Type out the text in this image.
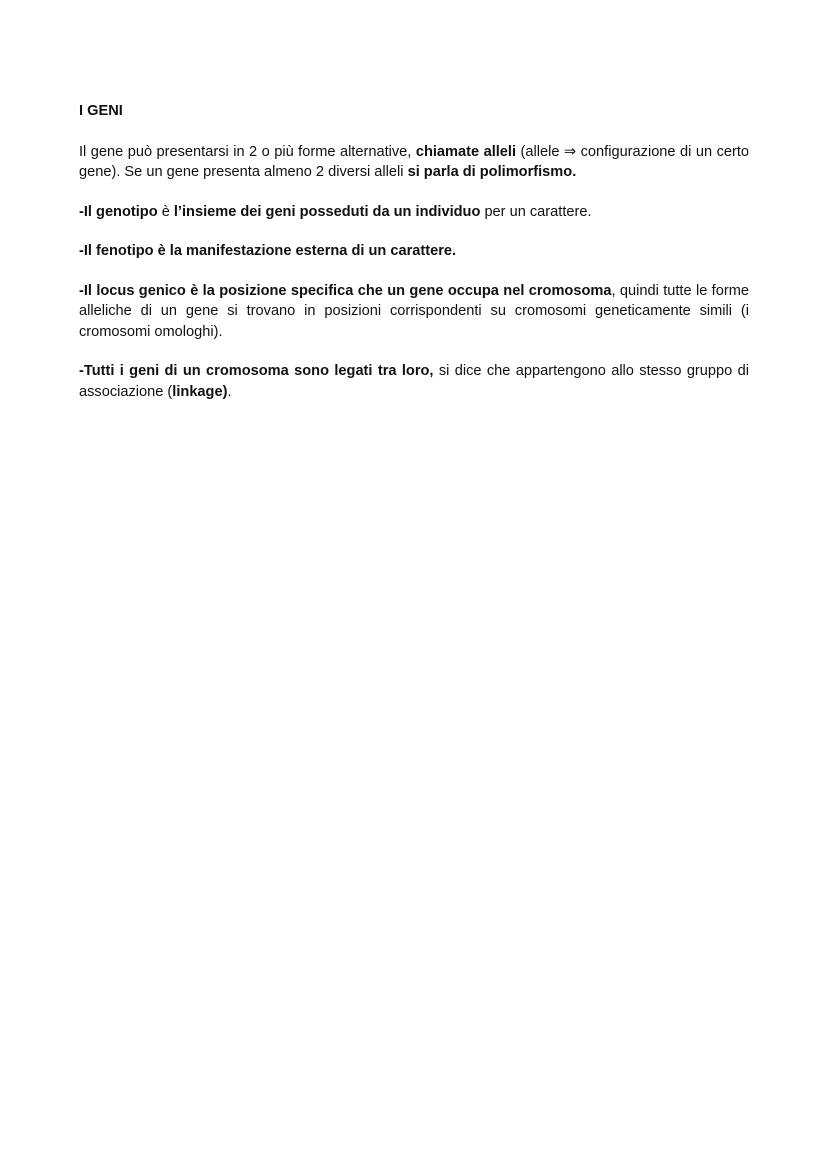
I GENI

Il gene può presentarsi in 2 o più forme alternative, chiamate alleli (allele ⇒ configurazione di un certo gene). Se un gene presenta almeno 2 diversi alleli si parla di polimorfismo.

-Il genotipo è l’insieme dei geni posseduti da un individuo per un carattere.

-Il fenotipo è la manifestazione esterna di un carattere.

-Il locus genico è la posizione specifica che un gene occupa nel cromosoma, quindi tutte le forme alleliche di un gene si trovano in posizioni corrispondenti su cromosomi geneticamente simili (i cromosomi omologhi).

-Tutti i geni di un cromosoma sono legati tra loro, si dice che appartengono allo stesso gruppo di associazione (linkage).
